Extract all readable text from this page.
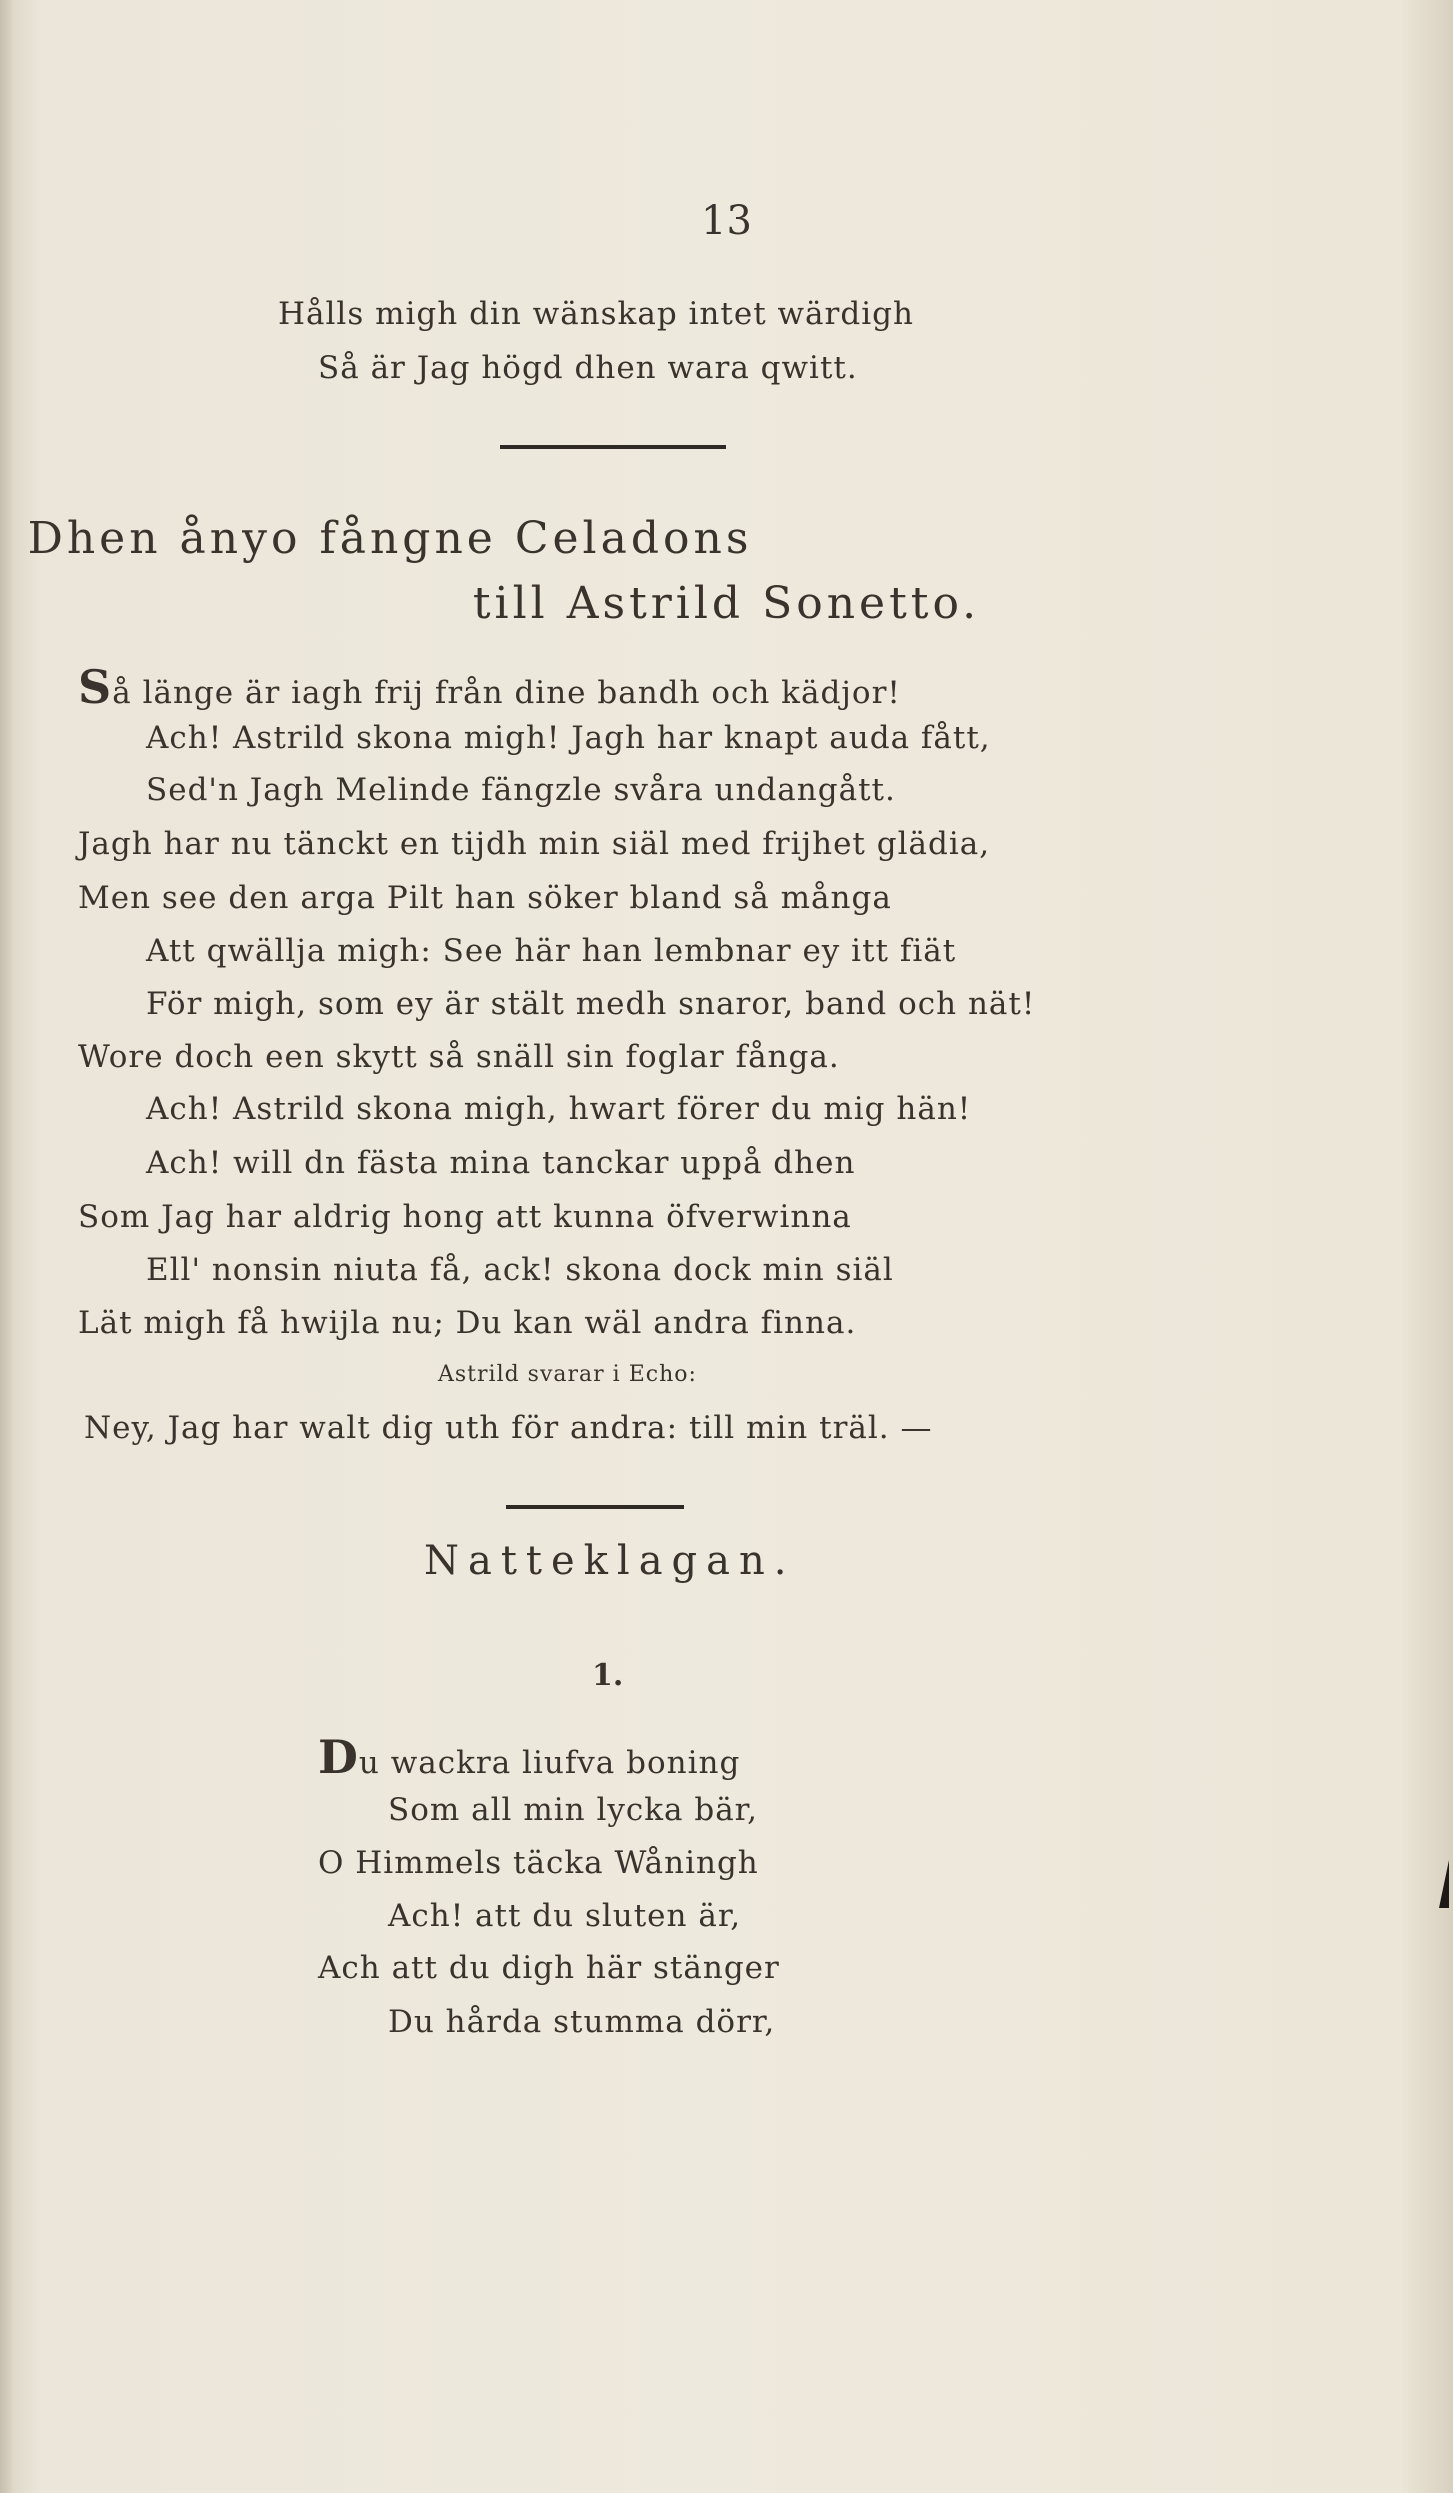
13
Hålls migh din wänskap intet wärdigh
Så är Jag högd dhen wara qwitt.
Dhen ånyo fångne Celadons
till Astrild Sonetto.
Så länge är iagh frij från dine bandh och kädjor!
Ach! Astrild skona migh! Jagh har knapt auda fått,
Sed'n Jagh Melinde fängzle svåra undangått.
Jagh har nu tänckt en tijdh min siäl med frijhet glädia,
Men see den arga Pilt han söker bland så många
Att qwällja migh: See här han lembnar ey itt fiät
För migh, som ey är stält medh snaror, band och nät!
Wore doch een skytt så snäll sin foglar fånga.
Ach! Astrild skona migh, hwart förer du mig hän!
Ach! will dn fästa mina tanckar uppå dhen
Som Jag har aldrig hong att kunna öfverwinna
Ell' nonsin niuta få, ack! skona dock min siäl
Lät migh få hwijla nu; Du kan wäl andra finna.
Astrild svarar i Echo:
Ney, Jag har walt dig uth för andra: till min träl. —
Natteklagan.
1.
Du wackra liufva boning
Som all min lycka bär,
O Himmels täcka Wåningh
Ach! att du sluten är,
Ach att du digh här stänger
Du hårda stumma dörr,
